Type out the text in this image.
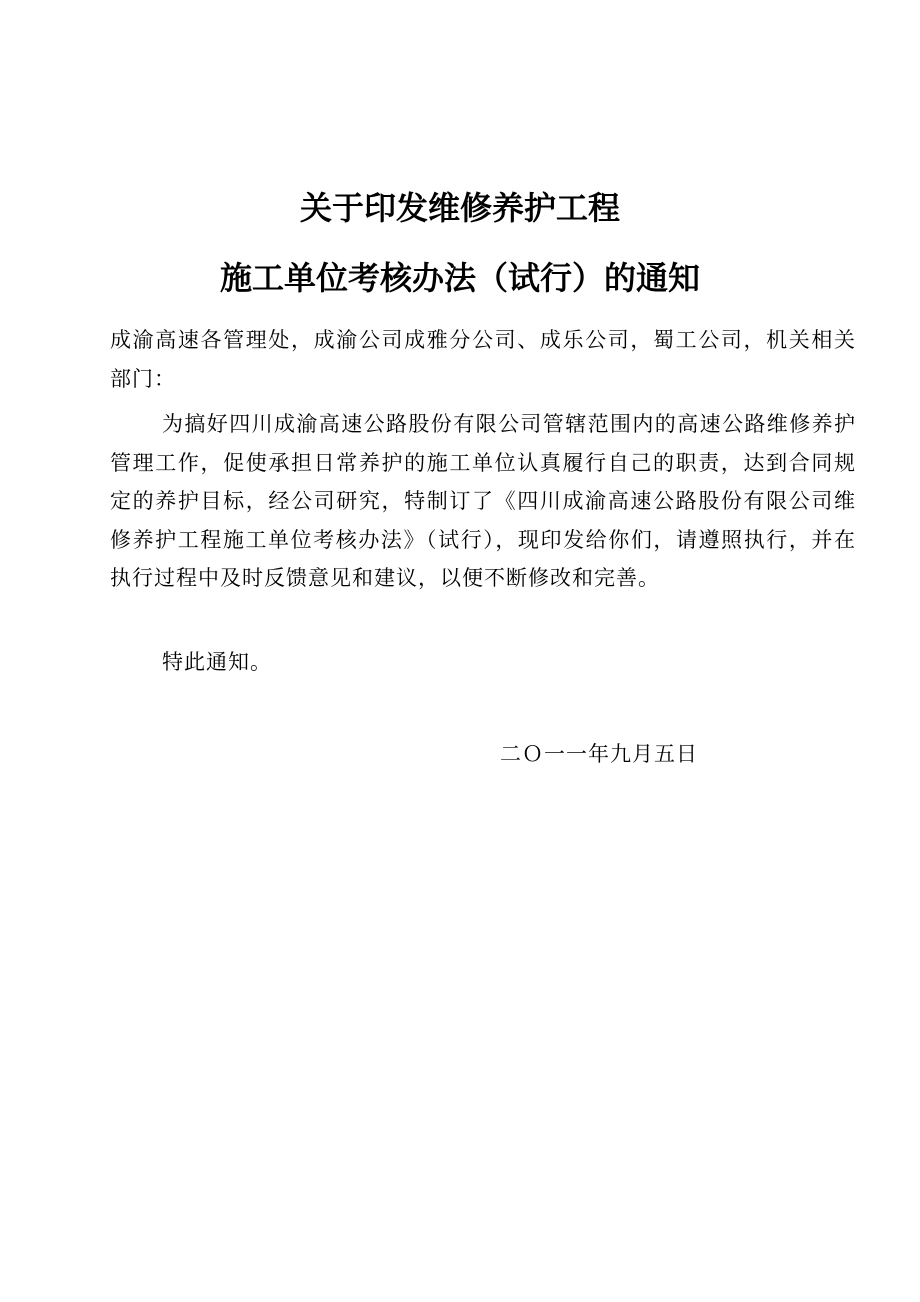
关于印发维修养护工程
施工单位考核办法（试行）的通知

成渝高速各管理处，成渝公司成雅分公司、成乐公司，蜀工公司，机关相关部门：

为搞好四川成渝高速公路股份有限公司管辖范围内的高速公路维修养护管理工作，促使承担日常养护的施工单位认真履行自己的职责，达到合同规定的养护目标，经公司研究，特制订了《四川成渝高速公路股份有限公司维修养护工程施工单位考核办法》（试行），现印发给你们，请遵照执行，并在执行过程中及时反馈意见和建议，以便不断修改和完善。

特此通知。

二Ｏ一一年九月五日
